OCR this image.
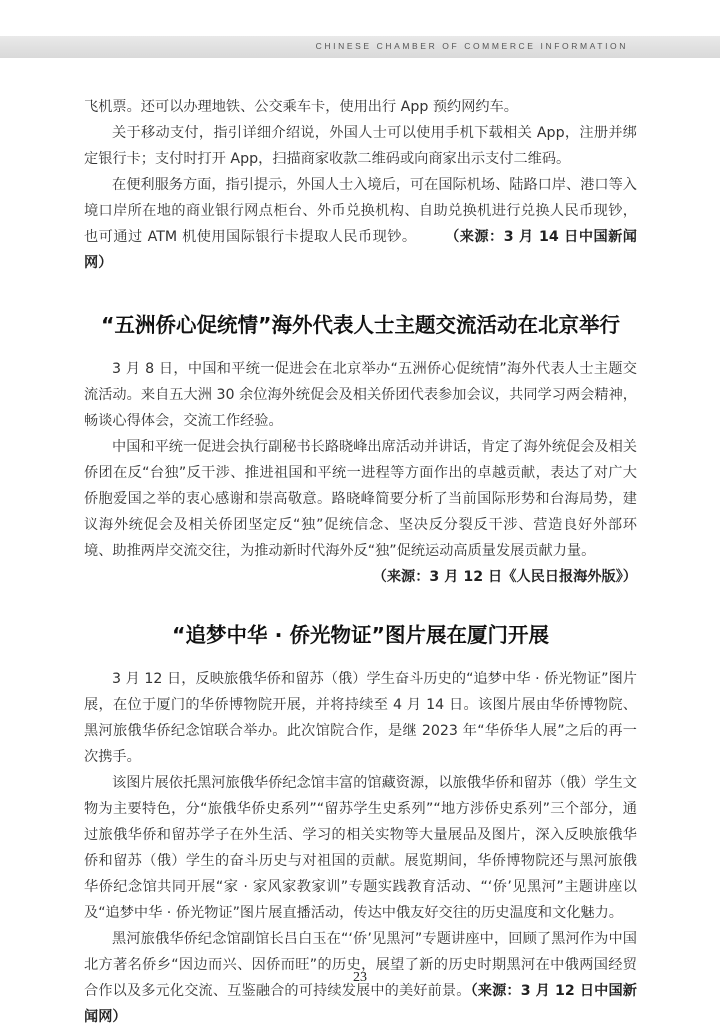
CHINESE CHAMBER OF COMMERCE INFORMATION

飞机票。还可以办理地铁、公交乘车卡，使用出行 App 预约网约车。

关于移动支付，指引详细介绍说，外国人士可以使用手机下载相关 App，注册并绑定银行卡；支付时打开 App，扫描商家收款二维码或向商家出示支付二维码。

在便利服务方面，指引提示，外国人士入境后，可在国际机场、陆路口岸、港口等入境口岸所在地的商业银行网点柜台、外币兑换机构、自助兑换机进行兑换人民币现钞，也可通过 ATM 机使用国际银行卡提取人民币现钞。 （来源：3 月 14 日中国新闻网）

“五洲侨心促统情”海外代表人士主题交流活动在北京举行

3 月 8 日，中国和平统一促进会在北京举办“五洲侨心促统情”海外代表人士主题交流活动。来自五大洲 30 余位海外统促会及相关侨团代表参加会议，共同学习两会精神，畅谈心得体会，交流工作经验。

中国和平统一促进会执行副秘书长路晓峰出席活动并讲话，肯定了海外统促会及相关侨团在反“台独”反干涉、推进祖国和平统一进程等方面作出的卓越贡献，表达了对广大侨胞爱国之举的衷心感谢和崇高敬意。路晓峰简要分析了当前国际形势和台海局势，建议海外统促会及相关侨团坚定反“独”促统信念、坚决反分裂反干涉、营造良好外部环境、助推两岸交流交往，为推动新时代海外反“独”促统运动高质量发展贡献力量。

（来源：3 月 12 日《人民日报海外版》）

“追梦中华 · 侨光物证”图片展在厦门开展

3 月 12 日，反映旅俄华侨和留苏（俄）学生奋斗历史的“追梦中华 · 侨光物证”图片展，在位于厦门的华侨博物院开展，并将持续至 4 月 14 日。该图片展由华侨博物院、黑河旅俄华侨纪念馆联合举办。此次馆院合作，是继 2023 年“华侨华人展”之后的再一次携手。

该图片展依托黑河旅俄华侨纪念馆丰富的馆藏资源，以旅俄华侨和留苏（俄）学生文物为主要特色，分“旅俄华侨史系列”“留苏学生史系列”“地方涉侨史系列”三个部分，通过旅俄华侨和留苏学子在外生活、学习的相关实物等大量展品及图片，深入反映旅俄华侨和留苏（俄）学生的奋斗历史与对祖国的贡献。展览期间，华侨博物院还与黑河旅俄华侨纪念馆共同开展“家 · 家风家教家训”专题实践教育活动、“‘侨’见黑河”主题讲座以及“追梦中华 · 侨光物证”图片展直播活动，传达中俄友好交往的历史温度和文化魅力。

黑河旅俄华侨纪念馆副馆长吕白玉在“‘侨’见黑河”专题讲座中，回顾了黑河作为中国北方著名侨乡“因边而兴、因侨而旺”的历史，展望了新的历史时期黑河在中俄两国经贸合作以及多元化交流、互鉴融合的可持续发展中的美好前景。（来源：3 月 12 日中国新闻网）

23
